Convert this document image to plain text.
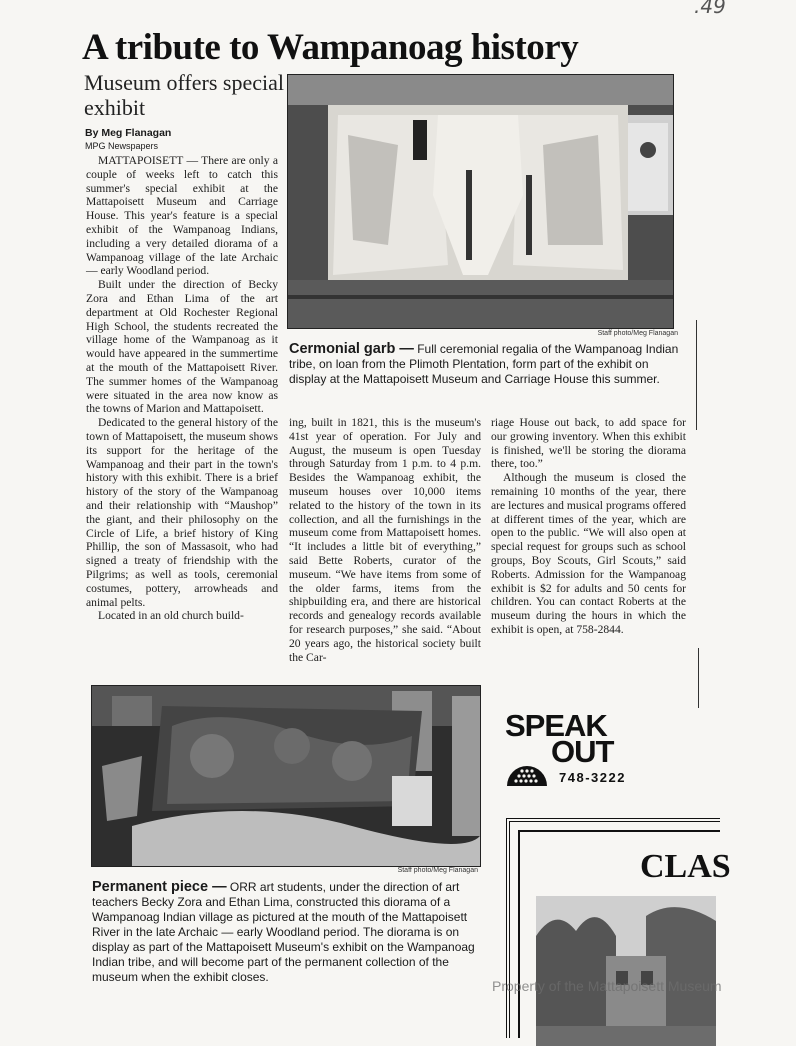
.49
A tribute to Wampanoag history
Museum offers special exhibit
By Meg Flanagan
MPG Newspapers

MATTAPOISETT — There are only a couple of weeks left to catch this summer's special exhibit at the Mattapoisett Museum and Carriage House. This year's feature is a special exhibit of the Wampanoag Indians, including a very detailed diorama of a Wampanoag village of the late Archaic — early Woodland period.

Built under the direction of Becky Zora and Ethan Lima of the art department at Old Rochester Regional High School, the students recreated the village home of the Wampanoag as it would have appeared in the summertime at the mouth of the Mattapoisett River. The summer homes of the Wampanoag were situated in the area now know as the towns of Marion and Mattapoisett.

Dedicated to the general history of the town of Mattapoisett, the museum shows its support for the heritage of the Wampanoag and their part in the town's history with this exhibit. There is a brief history of the story of the Wampanoag and their relationship with “Maushop” the giant, and their philosophy on the Circle of Life, a brief history of King Phillip, the son of Massasoit, who had signed a treaty of friendship with the Pilgrims; as well as tools, ceremonial costumes, pottery, arrowheads and animal pelts.

Located in an old church build-

ing, built in 1821, this is the museum's 41st year of operation. For July and August, the museum is open Tuesday through Saturday from 1 p.m. to 4 p.m. Besides the Wampanoag exhibit, the museum houses over 10,000 items related to the history of the town in its collection, and all the furnishings in the museum come from Mattapoisett homes. “It includes a little bit of everything,” said Bette Roberts, curator of the museum. “We have items from some of the older farms, items from the shipbuilding era, and there are historical records and genealogy records available for research purposes,” she said. “About 20 years ago, the historical society built the Car-

riage House out back, to add space for our growing inventory. When this exhibit is finished, we'll be storing the diorama there, too.”

Although the museum is closed the remaining 10 months of the year, there are lectures and musical programs offered at different times of the year, which are open to the public. “We will also open at special request for groups such as school groups, Boy Scouts, Girl Scouts,” said Roberts. Admission for the Wampanoag exhibit is $2 for adults and 50 cents for children. You can contact Roberts at the museum during the hours in which the exhibit is open, at 758-2844.

Staff photo/Meg Flanagan
Cermonial garb — Full ceremonial regalia of the Wampanoag Indian tribe, on loan from the Plimoth Plentation, form part of the exhibit on display at the Mattapoisett Museum and Carriage House this summer.
Staff photo/Meg Flanagan
Permanent piece — ORR art students, under the direction of art teachers Becky Zora and Ethan Lima, constructed this diorama of a Wampanoag Indian village as pictured at the mouth of the Mattapoisett River in the late Archaic — early Woodland period. The diorama is on display as part of the Mattapoisett Museum's exhibit on the Wampanoag Indian tribe, and will become part of the permanent collection of the museum when the exhibit closes.
SPEAK
OUT
748-3222
CLAS
Property of the Mattapoisett Museum
